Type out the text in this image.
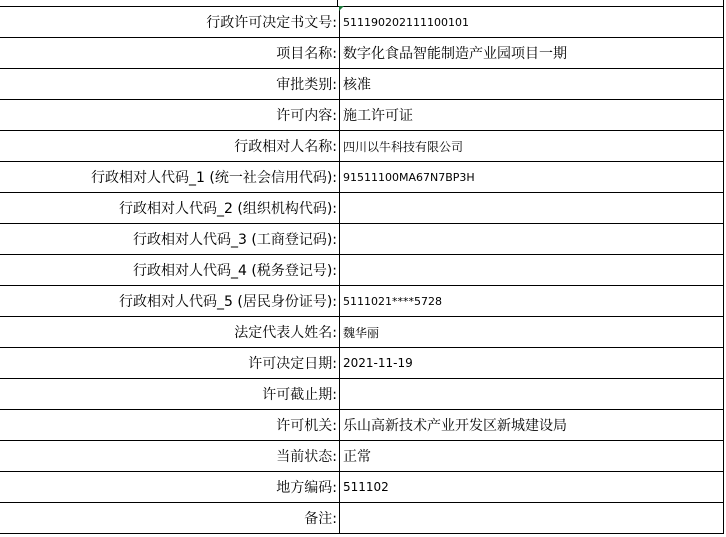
行政许可决定书文号:	511190202111100101
项目名称:	数字化食品智能制造产业园项目一期
审批类别:	核准
许可内容:	施工许可证
行政相对人名称:	四川以牛科技有限公司
行政相对人代码_1 (统一社会信用代码):	91511100MA67N7BP3H
行政相对人代码_2 (组织机构代码):	
行政相对人代码_3 (工商登记码):	
行政相对人代码_4 (税务登记号):	
行政相对人代码_5 (居民身份证号):	5111021****5728
法定代表人姓名:	魏华丽
许可决定日期:	2021-11-19
许可截止期:	
许可机关:	乐山高新技术产业开发区新城建设局
当前状态:	正常
地方编码:	511102
备注:	
